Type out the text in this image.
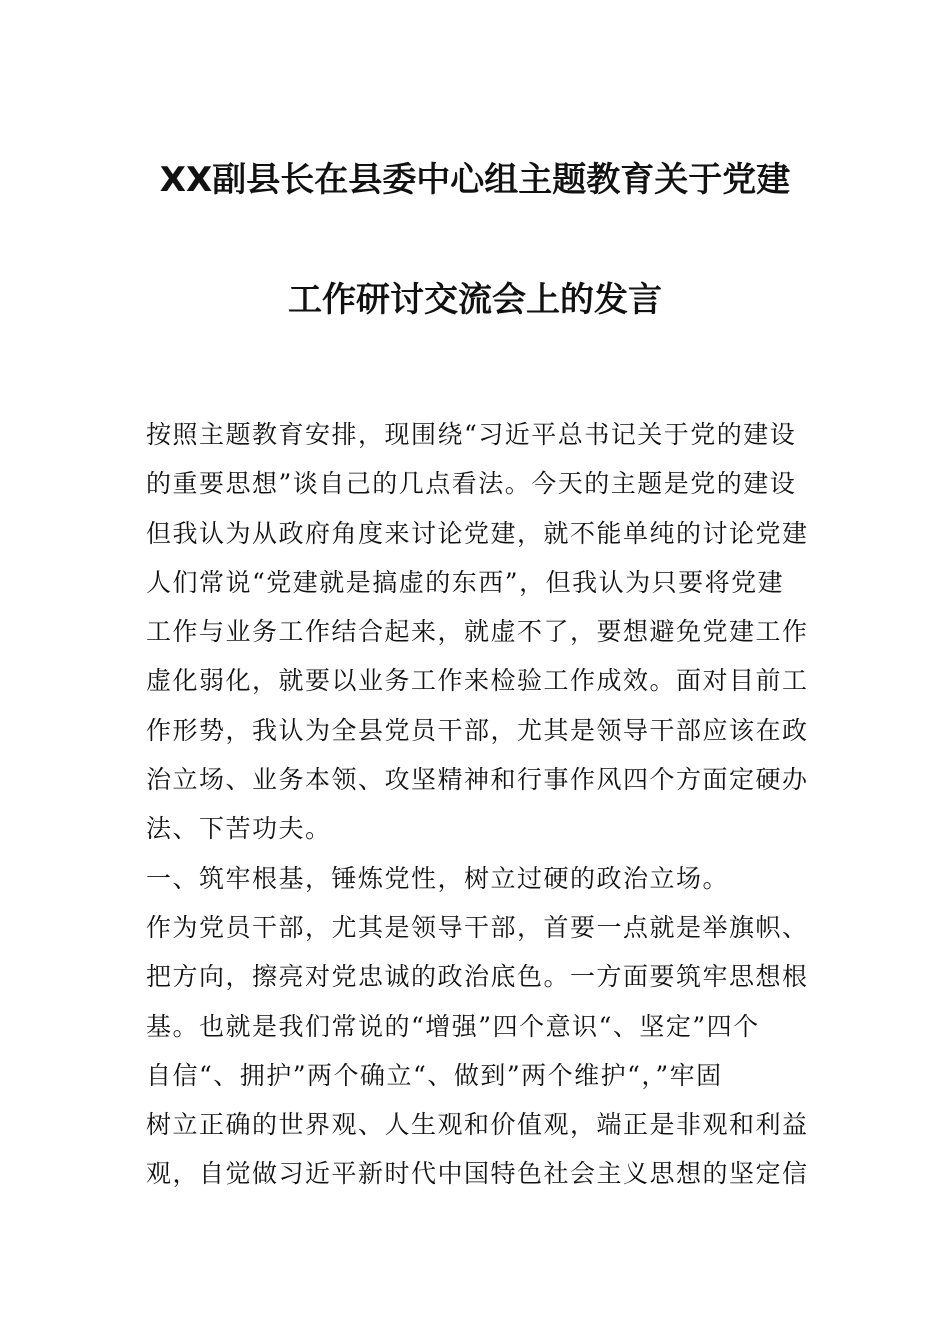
XX副县长在县委中心组主题教育关于党建
工作研讨交流会上的发言
按照主题教育安排，现围绕“习近平总书记关于党的建设
的重要思想”谈自己的几点看法。今天的主题是党的建设
但我认为从政府角度来讨论党建，就不能单纯的讨论党建
人们常说“党建就是搞虚的东西”，但我认为只要将党建
工作与业务工作结合起来，就虚不了，要想避免党建工作
虚化弱化，就要以业务工作来检验工作成效。面对目前工
作形势，我认为全县党员干部，尤其是领导干部应该在政
治立场、业务本领、攻坚精神和行事作风四个方面定硬办
法、下苦功夫。
一、筑牢根基，锤炼党性，树立过硬的政治立场。
作为党员干部，尤其是领导干部，首要一点就是举旗帜、
把方向，擦亮对党忠诚的政治底色。一方面要筑牢思想根
基。也就是我们常说的“增强”四个意识“、坚定”四个
自信“、拥护”两个确立“、做到”两个维护“，”牢固
树立正确的世界观、人生观和价值观，端正是非观和利益
观，自觉做习近平新时代中国特色社会主义思想的坚定信
